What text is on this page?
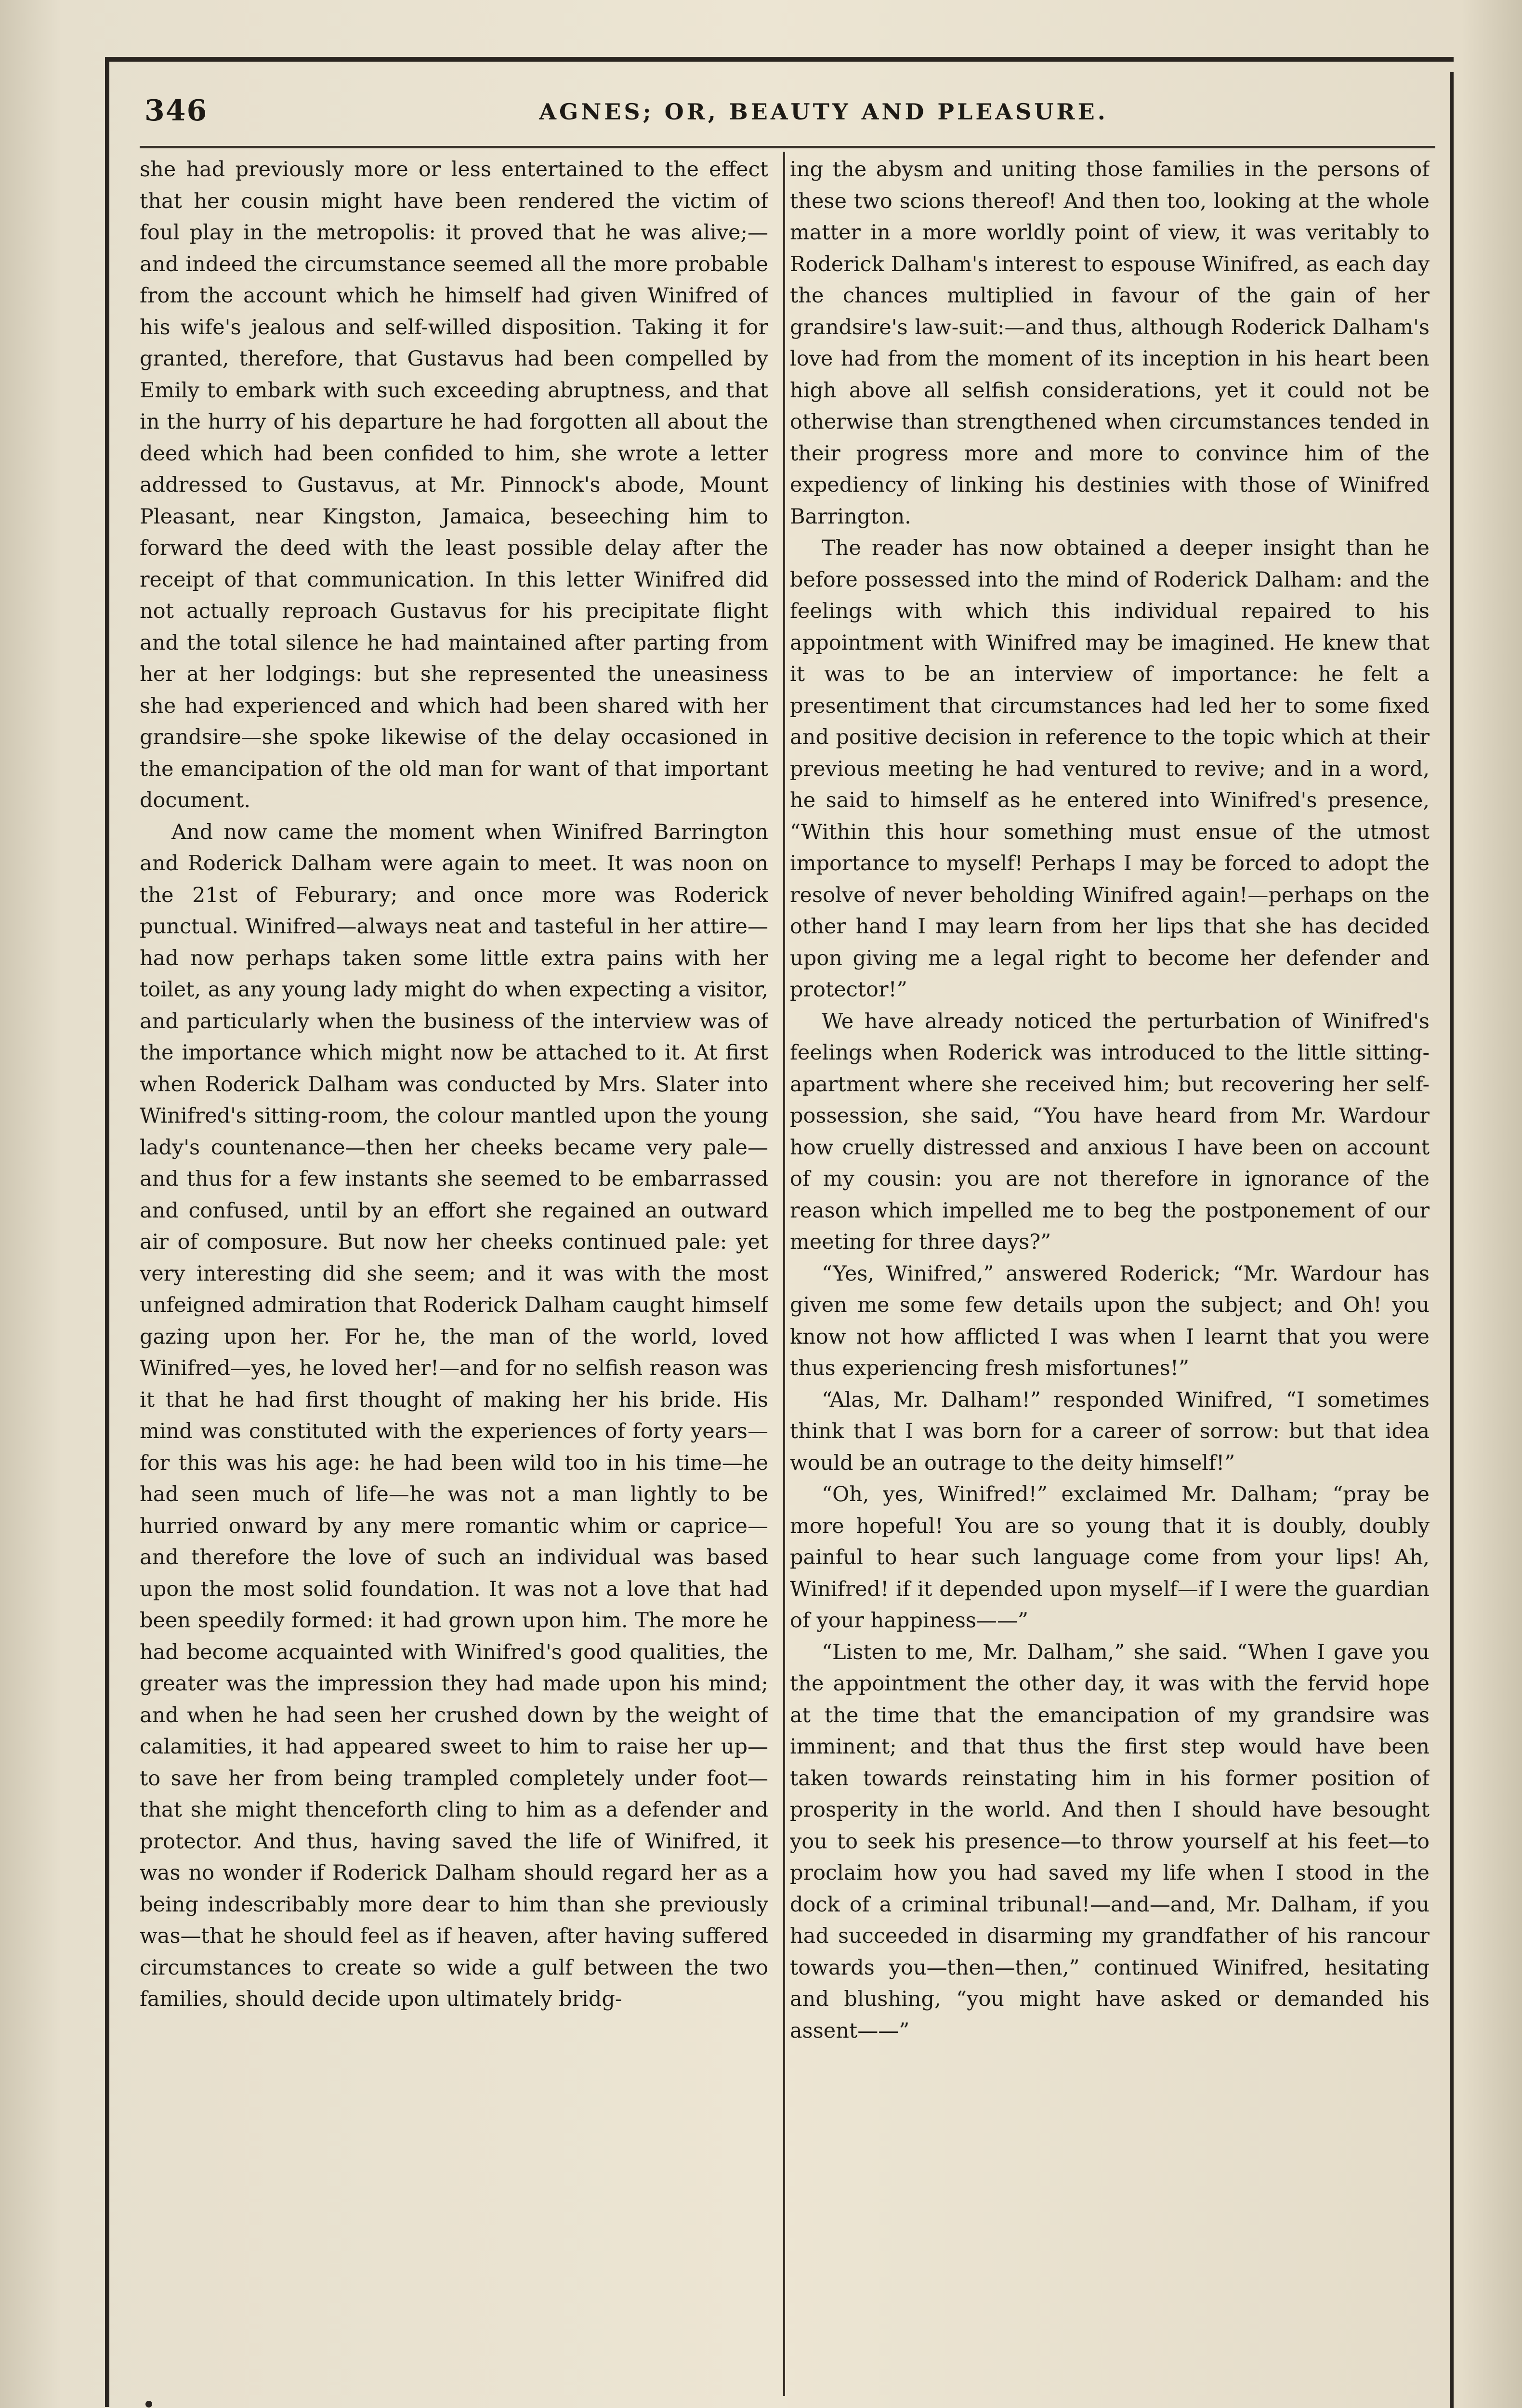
346	AGNES; OR, BEAUTY AND PLEASURE.

she had previously more or less entertained to the effect that her cousin might have been rendered the victim of foul play in the metropolis: it proved that he was alive;—and indeed the circumstance seemed all the more probable from the account which he himself had given Winifred of his wife's jealous and self-willed disposition. Taking it for granted, therefore, that Gustavus had been compelled by Emily to embark with such exceeding abruptness, and that in the hurry of his departure he had forgotten all about the deed which had been confided to him, she wrote a letter addressed to Gustavus, at Mr. Pinnock's abode, Mount Pleasant, near Kingston, Jamaica, beseeching him to forward the deed with the least possible delay after the receipt of that communication. In this letter Winifred did not actually reproach Gustavus for his precipitate flight and the total silence he had maintained after parting from her at her lodgings: but she represented the uneasiness she had experienced and which had been shared with her grandsire—she spoke likewise of the delay occasioned in the emancipation of the old man for want of that important document.

And now came the moment when Winifred Barrington and Roderick Dalham were again to meet. It was noon on the 21st of Feburary; and once more was Roderick punctual. Winifred—always neat and tasteful in her attire—had now perhaps taken some little extra pains with her toilet, as any young lady might do when expecting a visitor, and particularly when the business of the interview was of the importance which might now be attached to it. At first when Roderick Dalham was conducted by Mrs. Slater into Winifred's sitting-room, the colour mantled upon the young lady's countenance—then her cheeks became very pale—and thus for a few instants she seemed to be embarrassed and confused, until by an effort she regained an outward air of composure. But now her cheeks continued pale: yet very interesting did she seem; and it was with the most unfeigned admiration that Roderick Dalham caught himself gazing upon her. For he, the man of the world, loved Winifred—yes, he loved her!—and for no selfish reason was it that he had first thought of making her his bride. His mind was constituted with the experiences of forty years—for this was his age: he had been wild too in his time—he had seen much of life—he was not a man lightly to be hurried onward by any mere romantic whim or caprice—and therefore the love of such an individual was based upon the most solid foundation. It was not a love that had been speedily formed: it had grown upon him. The more he had become acquainted with Winifred's good qualities, the greater was the impression they had made upon his mind; and when he had seen her crushed down by the weight of calamities, it had appeared sweet to him to raise her up—to save her from being trampled completely under foot—that she might thenceforth cling to him as a defender and protector. And thus, having saved the life of Winifred, it was no wonder if Roderick Dalham should regard her as a being indescribably more dear to him than she previously was—that he should feel as if heaven, after having suffered circumstances to create so wide a gulf between the two families, should decide upon ultimately bridg-

ing the abysm and uniting those families in the persons of these two scions thereof! And then too, looking at the whole matter in a more worldly point of view, it was veritably to Roderick Dalham's interest to espouse Winifred, as each day the chances multiplied in favour of the gain of her grandsire's law-suit:—and thus, although Roderick Dalham's love had from the moment of its inception in his heart been high above all selfish considerations, yet it could not be otherwise than strengthened when circumstances tended in their progress more and more to convince him of the expediency of linking his destinies with those of Winifred Barrington.

The reader has now obtained a deeper insight than he before possessed into the mind of Roderick Dalham: and the feelings with which this individual repaired to his appointment with Winifred may be imagined. He knew that it was to be an interview of importance: he felt a presentiment that circumstances had led her to some fixed and positive decision in reference to the topic which at their previous meeting he had ventured to revive; and in a word, he said to himself as he entered into Winifred's presence, “Within this hour something must ensue of the utmost importance to myself! Perhaps I may be forced to adopt the resolve of never beholding Winifred again!—perhaps on the other hand I may learn from her lips that she has decided upon giving me a legal right to become her defender and protector!”

We have already noticed the perturbation of Winifred's feelings when Roderick was introduced to the little sitting-apartment where she received him; but recovering her self-possession, she said, “You have heard from Mr. Wardour how cruelly distressed and anxious I have been on account of my cousin: you are not therefore in ignorance of the reason which impelled me to beg the postponement of our meeting for three days?”

“Yes, Winifred,” answered Roderick; “Mr. Wardour has given me some few details upon the subject; and Oh! you know not how afflicted I was when I learnt that you were thus experiencing fresh misfortunes!”

“Alas, Mr. Dalham!” responded Winifred, “I sometimes think that I was born for a career of sorrow: but that idea would be an outrage to the deity himself!”

“Oh, yes, Winifred!” exclaimed Mr. Dalham; “pray be more hopeful! You are so young that it is doubly, doubly painful to hear such language come from your lips! Ah, Winifred! if it depended upon myself—if I were the guardian of your happiness——”

“Listen to me, Mr. Dalham,” she said. “When I gave you the appointment the other day, it was with the fervid hope at the time that the emancipation of my grandsire was imminent; and that thus the first step would have been taken towards reinstating him in his former position of prosperity in the world. And then I should have besought you to seek his presence—to throw yourself at his feet—to proclaim how you had saved my life when I stood in the dock of a criminal tribunal!—and—and, Mr. Dalham, if you had succeeded in disarming my grandfather of his rancour towards you—then—then,” continued Winifred, hesitating and blushing, “you might have asked or demanded his assent——”
